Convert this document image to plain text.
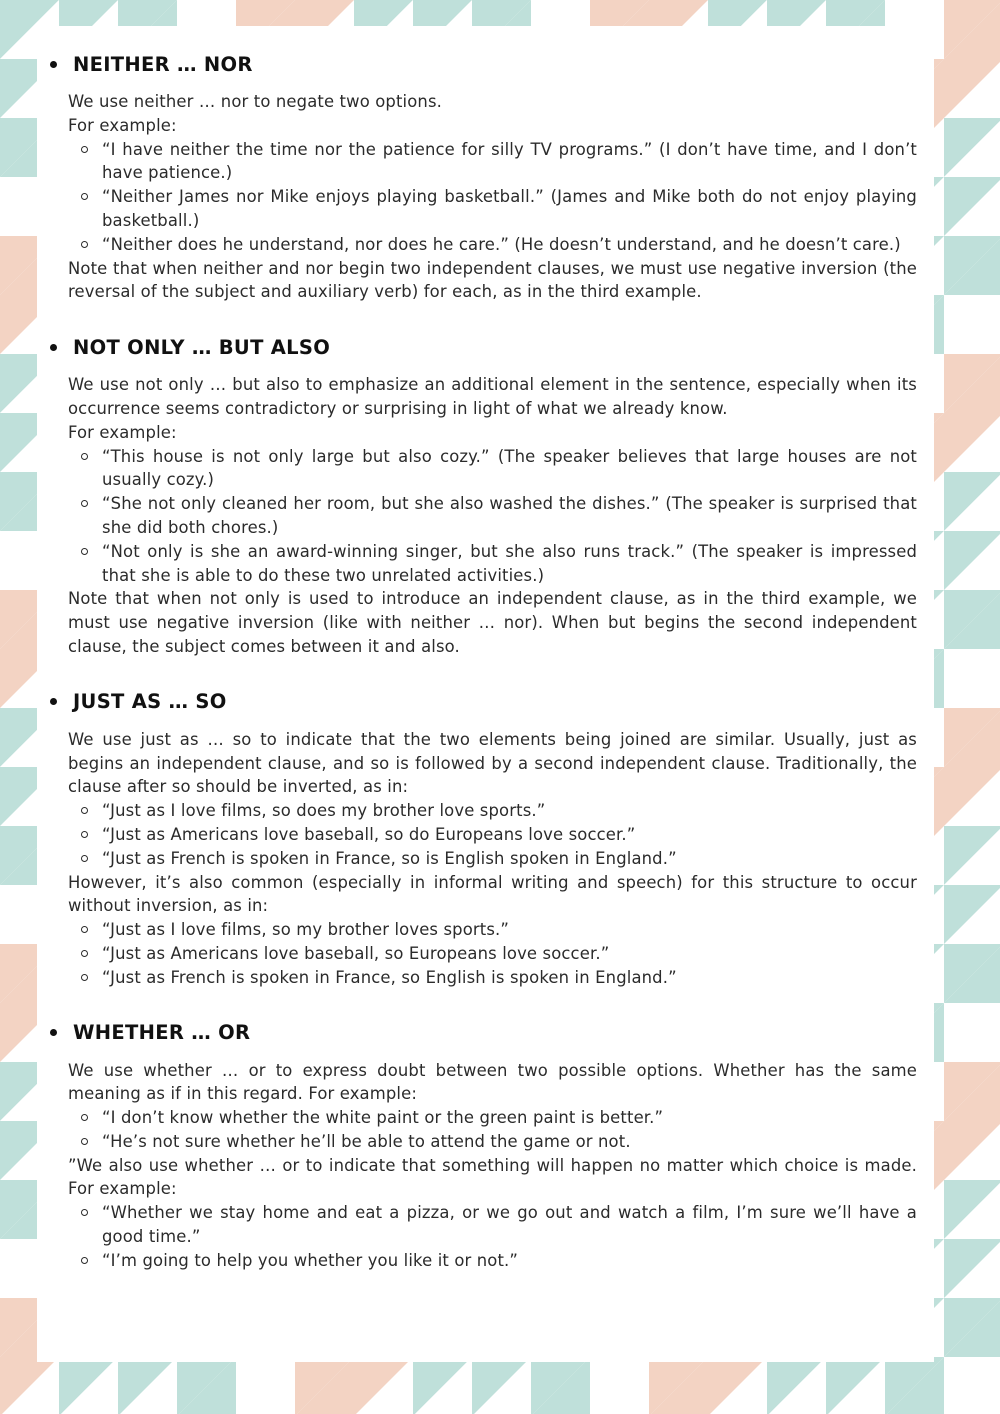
NEITHER … NOR

We use neither … nor to negate two options.

For example:

“I have neither the time nor the patience for silly TV programs.” (I don’t have time, and I don’t have patience.)
“Neither James nor Mike enjoys playing basketball.” (James and Mike both do not enjoy playing basketball.)
“Neither does he understand, nor does he care.” (He doesn’t understand, and he doesn’t care.)

Note that when neither and nor begin two independent clauses, we must use negative inversion (the reversal of the subject and auxiliary verb) for each, as in the third example.

NOT ONLY … BUT ALSO

We use not only … but also to emphasize an additional element in the sentence, especially when its occurrence seems contradictory or surprising in light of what we already know.

For example:

“This house is not only large but also cozy.” (The speaker believes that large houses are not usually cozy.)
“She not only cleaned her room, but she also washed the dishes.” (The speaker is surprised that she did both chores.)
“Not only is she an award-winning singer, but she also runs track.” (The speaker is impressed that she is able to do these two unrelated activities.)

Note that when not only is used to introduce an independent clause, as in the third example, we must use negative inversion (like with neither … nor). When but begins the second independent clause, the subject comes between it and also.

JUST AS … SO

We use just as … so to indicate that the two elements being joined are similar. Usually, just as begins an independent clause, and so is followed by a second independent clause. Traditionally, the clause after so should be inverted, as in:

“Just as I love films, so does my brother love sports.”
“Just as Americans love baseball, so do Europeans love soccer.”
“Just as French is spoken in France, so is English spoken in England.”

However, it’s also common (especially in informal writing and speech) for this structure to occur without inversion, as in:

“Just as I love films, so my brother loves sports.”
“Just as Americans love baseball, so Europeans love soccer.”
“Just as French is spoken in France, so English is spoken in England.”
WHETHER … OR

We use whether … or to express doubt between two possible options. Whether has the same meaning as if in this regard. For example:

“I don’t know whether the white paint or the green paint is better.”
“He’s not sure whether he’ll be able to attend the game or not.

”We also use whether … or to indicate that something will happen no matter which choice is made. For example:

“Whether we stay home and eat a pizza, or we go out and watch a film, I’m sure we’ll have a good time.”
“I’m going to help you whether you like it or not.”
